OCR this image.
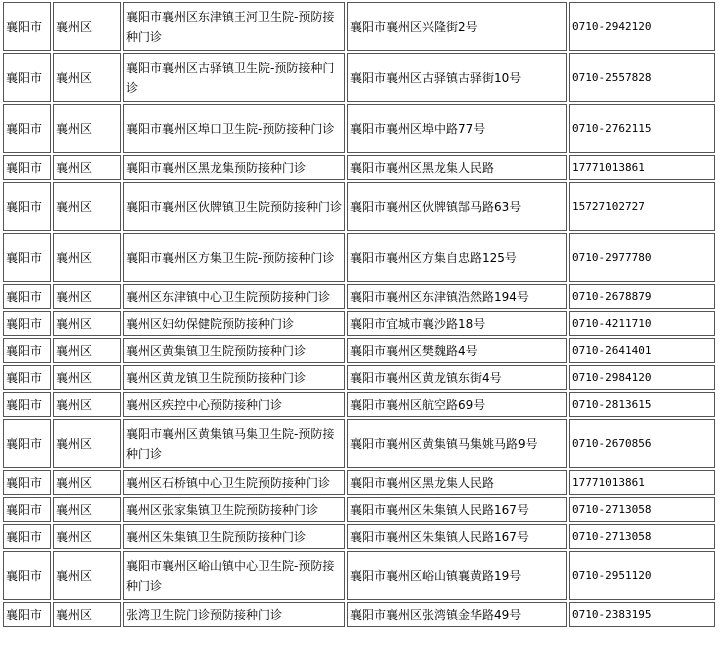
襄阳市	襄州区	襄阳市襄州区东津镇王河卫生院-预防接种门诊	襄阳市襄州区兴隆街2号	0710-2942120
襄阳市	襄州区	襄阳市襄州区古驿镇卫生院-预防接种门诊	襄阳市襄州区古驿镇古驿街10号	0710-2557828
襄阳市	襄州区	襄阳市襄州区埠口卫生院-预防接种门诊	襄阳市襄州区埠中路77号	0710-2762115
襄阳市	襄州区	襄阳市襄州区黑龙集预防接种门诊	襄阳市襄州区黑龙集人民路	17771013861
襄阳市	襄州区	襄阳市襄州区伙牌镇卫生院预防接种门诊	襄阳市襄州区伙牌镇郜马路63号	15727102727
襄阳市	襄州区	襄阳市襄州区方集卫生院-预防接种门诊	襄阳市襄州区方集自忠路125号	0710-2977780
襄阳市	襄州区	襄州区东津镇中心卫生院预防接种门诊	襄阳市襄州区东津镇浩然路194号	0710-2678879
襄阳市	襄州区	襄州区妇幼保健院预防接种门诊	襄阳市宜城市襄沙路18号	0710-4211710
襄阳市	襄州区	襄州区黄集镇卫生院预防接种门诊	襄阳市襄州区樊魏路4号	0710-2641401
襄阳市	襄州区	襄州区黄龙镇卫生院预防接种门诊	襄阳市襄州区黄龙镇东街4号	0710-2984120
襄阳市	襄州区	襄州区疾控中心预防接种门诊	襄阳市襄州区航空路69号	0710-2813615
襄阳市	襄州区	襄阳市襄州区黄集镇马集卫生院-预防接种门诊	襄阳市襄州区黄集镇马集姚马路9号	0710-2670856
襄阳市	襄州区	襄州区石桥镇中心卫生院预防接种门诊	襄阳市襄州区黑龙集人民路	17771013861
襄阳市	襄州区	襄州区张家集镇卫生院预防接种门诊	襄阳市襄州区朱集镇人民路167号	0710-2713058
襄阳市	襄州区	襄州区朱集镇卫生院预防接种门诊	襄阳市襄州区朱集镇人民路167号	0710-2713058
襄阳市	襄州区	襄阳市襄州区峪山镇中心卫生院-预防接种门诊	襄阳市襄州区峪山镇襄黄路19号	0710-2951120
襄阳市	襄州区	张湾卫生院门诊预防接种门诊	襄阳市襄州区张湾镇金华路49号	0710-2383195
